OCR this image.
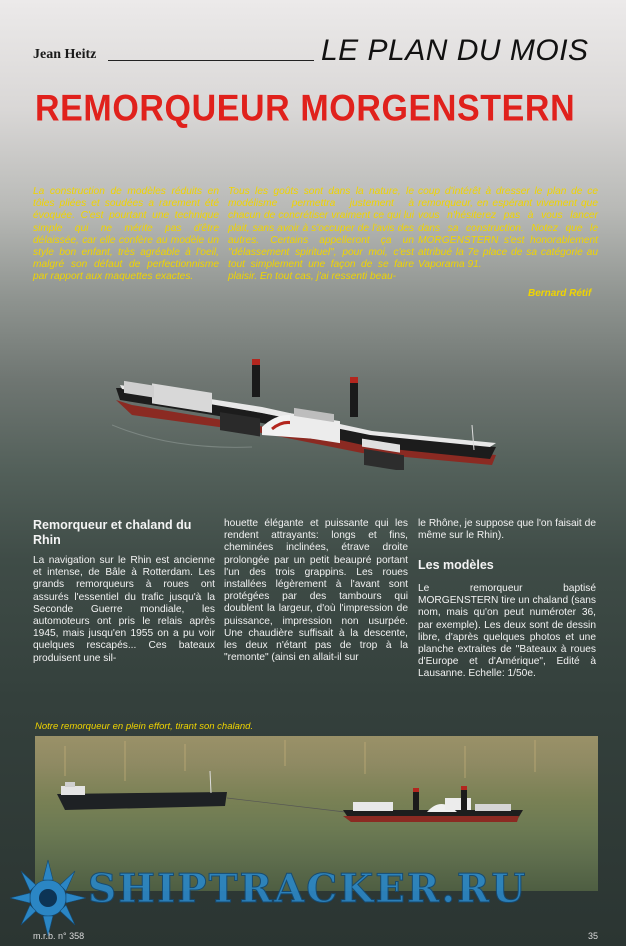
Jean Heitz	LE PLAN DU MOIS
REMORQUEUR MORGENSTERN
La construction de modèles réduits en tôles pliées et soudées a rarement été évoquée. C'est pourtant une technique simple qui ne mérite pas d'être délaissée, car elle confère au modèle un style bon enfant, très agréable à l'oeil, malgré son défaut de perfectionnisme par rapport aux maquettes exactes.
Tous les goûts sont dans la nature, le modélisme permettra justement à chacun de concrétiser vraiment ce qui lui plait, sans avoir à s'occuper de l'avis des autres. Certains appelleront ça un "délassement spirituel", pour moi, c'est tout simplement une façon de se faire plaisir. En tout cas, j'ai ressenti beau-
coup d'intérêt à dresser le plan de ce remorqueur, en espérant vivement que vous n'hésiterez pas à vous lancer dans sa construction. Notez que le MORGENSTERN s'est honorablement attribué la 7e place de sa catégorie au Vaporama 91.
Bernard Rétif
Remorqueur et chaland du Rhin
La navigation sur le Rhin est ancienne et intense, de Bâle à Rotterdam. Les grands remorqueurs à roues ont assurés l'essentiel du trafic jusqu'à la Seconde Guerre mondiale, les automoteurs ont pris le relais après 1945, mais jusqu'en 1955 on a pu voir quelques rescapés... Ces bateaux produisent une sil-
houette élégante et puissante qui les rendent attrayants: longs et fins, cheminées inclinées, étrave droite prolongée par un petit beaupré portant l'un des trois grappins. Les roues installées légèrement à l'avant sont protégées par des tambours qui doublent la largeur, d'où l'impression de puissance, impression non usurpée. Une chaudière suffisait à la descente, les deux n'étant pas de trop à la "remonte" (ainsi en allait-il sur
le Rhône, je suppose que l'on faisait de même sur le Rhin).
Les modèles
Le remorqueur baptisé MORGENSTERN tire un chaland (sans nom, mais qu'on peut numéroter 36, par exemple). Les deux sont de dessin libre, d'après quelques photos et une planche extraites de "Bateaux à roues d'Europe et d'Amérique", Edité à Lausanne. Echelle: 1/50e.
Notre remorqueur en plein effort, tirant son chaland.
SHIPTRACKER.RU
m.r.b. n° 358	35
